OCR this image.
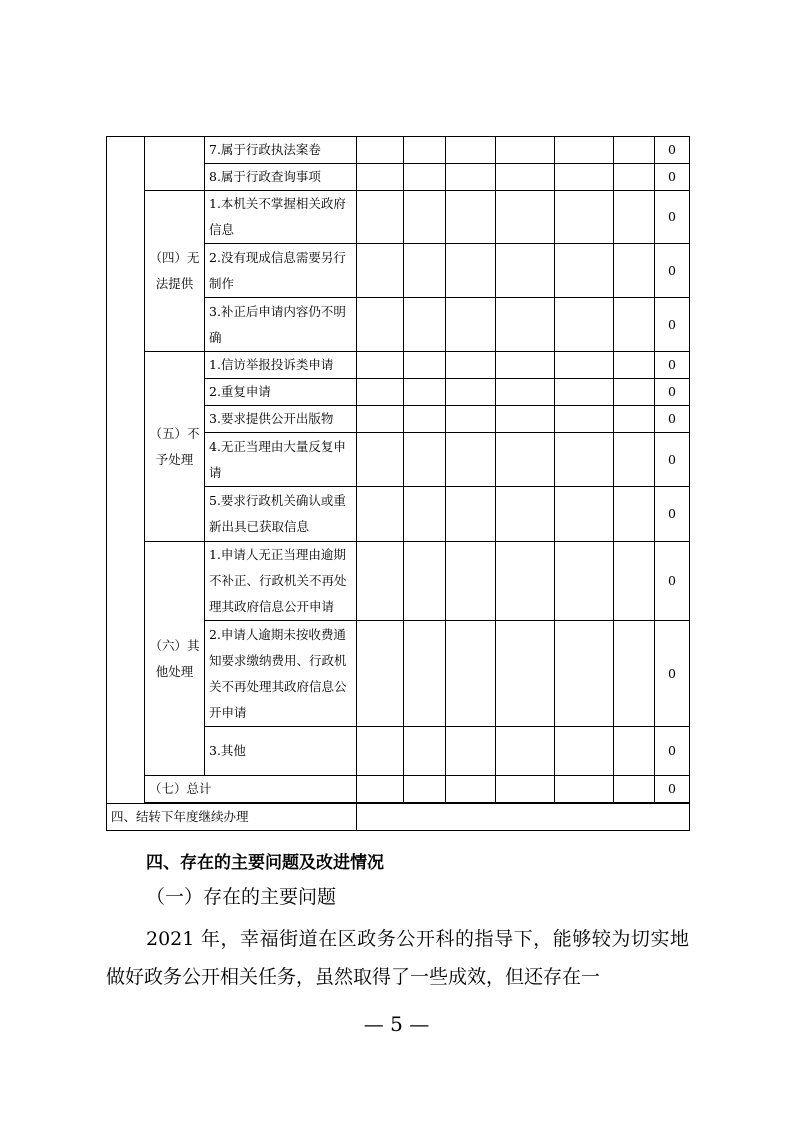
		7.属于行政执法案卷							0
		8.属于行政查询事项							0
	（四）无法提供	1.本机关不掌握相关政府信息							0
		2.没有现成信息需要另行制作							0
		3.补正后申请内容仍不明确							0
	（五）不予处理	1.信访举报投诉类申请							0
		2.重复申请							0
		3.要求提供公开出版物							0
		4.无正当理由大量反复申请							0
		5.要求行政机关确认或重新出具已获取信息							0
	（六）其他处理	1.申请人无正当理由逾期不补正、行政机关不再处理其政府信息公开申请							0
		2.申请人逾期未按收费通知要求缴纳费用、行政机关不再处理其政府信息公开申请							0
		3.其他							0
	（七）总计								0

四、结转下年度继续办理									
四、存在的主要问题及改进情况
（一）存在的主要问题
2021 年，幸福街道在区政务公开科的指导下，能够较为切实地做好政务公开相关任务，虽然取得了一些成效，但还存在一
— 5 —
